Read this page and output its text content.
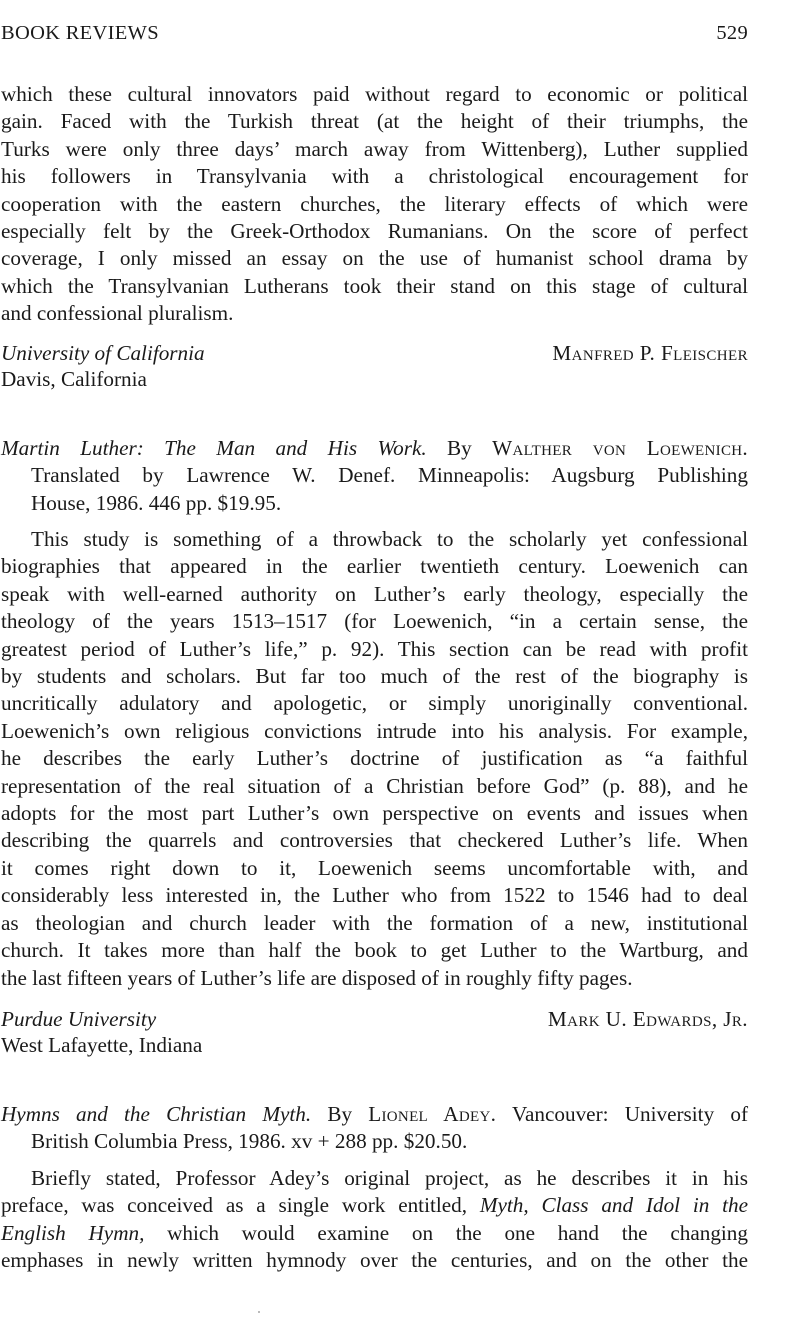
BOOK REVIEWS	529
which these cultural innovators paid without regard to economic or political
gain. Faced with the Turkish threat (at the height of their triumphs, the
Turks were only three days’ march away from Wittenberg), Luther supplied
his followers in Transylvania with a christological encouragement for
cooperation with the eastern churches, the literary effects of which were
especially felt by the Greek-Orthodox Rumanians. On the score of perfect
coverage, I only missed an essay on the use of humanist school drama by
which the Transylvanian Lutherans took their stand on this stage of cultural
and confessional pluralism.
University of California
Davis, California
Manfred P. Fleischer
Martin Luther: The Man and His Work. By Walther von Loewenich.
Translated by Lawrence W. Denef. Minneapolis: Augsburg Publishing
House, 1986. 446 pp. $19.95.
This study is something of a throwback to the scholarly yet confessional
biographies that appeared in the earlier twentieth century. Loewenich can
speak with well-earned authority on Luther’s early theology, especially the
theology of the years 1513–1517 (for Loewenich, “in a certain sense, the
greatest period of Luther’s life,” p. 92). This section can be read with profit
by students and scholars. But far too much of the rest of the biography is
uncritically adulatory and apologetic, or simply unoriginally conventional.
Loewenich’s own religious convictions intrude into his analysis. For example,
he describes the early Luther’s doctrine of justification as “a faithful
representation of the real situation of a Christian before God” (p. 88), and he
adopts for the most part Luther’s own perspective on events and issues when
describing the quarrels and controversies that checkered Luther’s life. When
it comes right down to it, Loewenich seems uncomfortable with, and
considerably less interested in, the Luther who from 1522 to 1546 had to deal
as theologian and church leader with the formation of a new, institutional
church. It takes more than half the book to get Luther to the Wartburg, and
the last fifteen years of Luther’s life are disposed of in roughly fifty pages.
Purdue University
West Lafayette, Indiana
Mark U. Edwards, Jr.
Hymns and the Christian Myth. By Lionel Adey. Vancouver: University of
British Columbia Press, 1986. xv + 288 pp. $20.50.
Briefly stated, Professor Adey’s original project, as he describes it in his
preface, was conceived as a single work entitled, Myth, Class and Idol in the
English Hymn, which would examine on the one hand the changing
emphases in newly written hymnody over the centuries, and on the other the
